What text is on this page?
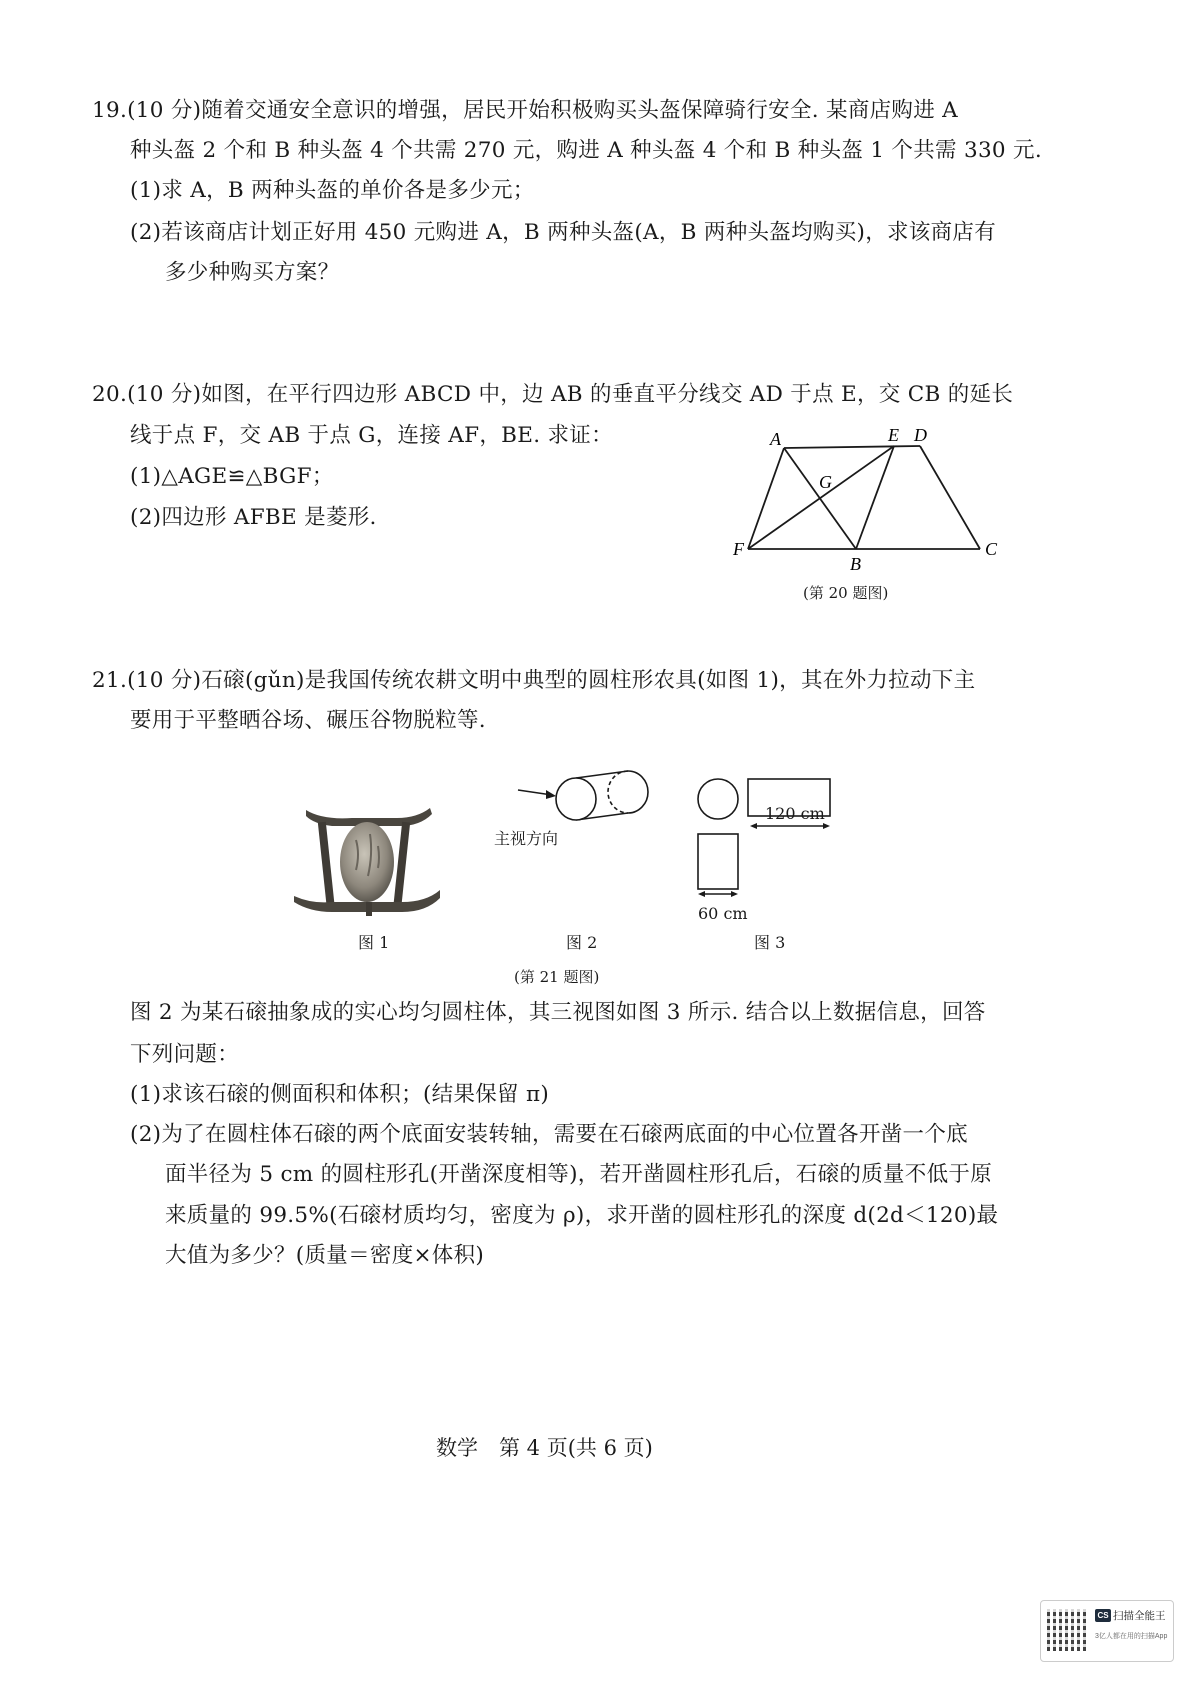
19.(10 分)随着交通安全意识的增强，居民开始积极购买头盔保障骑行安全. 某商店购进 A
种头盔 2 个和 B 种头盔 4 个共需 270 元，购进 A 种头盔 4 个和 B 种头盔 1 个共需 330 元.
(1)求 A，B 两种头盔的单价各是多少元；
(2)若该商店计划正好用 450 元购进 A，B 两种头盔(A，B 两种头盔均购买)，求该商店有
多少种购买方案？
20.(10 分)如图，在平行四边形 ABCD 中，边 AB 的垂直平分线交 AD 于点 E，交 CB 的延长
线于点 F，交 AB 于点 G，连接 AF，BE. 求证：
(1)△AGE≌△BGF；
(2)四边形 AFBE 是菱形.
A	E D
G
F
B
C
(第 20 题图)
21.(10 分)石磙(gǔn)是我国传统农耕文明中典型的圆柱形农具(如图 1)，其在外力拉动下主
要用于平整晒谷场、碾压谷物脱粒等.
图 1
主视方向
图 2
120 cm
60 cm
图 3
(第 21 题图)
图 2 为某石磙抽象成的实心均匀圆柱体，其三视图如图 3 所示. 结合以上数据信息，回答
下列问题：
(1)求该石磙的侧面积和体积；(结果保留 π)
(2)为了在圆柱体石磙的两个底面安装转轴，需要在石磙两底面的中心位置各开凿一个底
面半径为 5 cm 的圆柱形孔(开凿深度相等)，若开凿圆柱形孔后，石磙的质量不低于原
来质量的 99.5%(石磙材质均匀，密度为 ρ)，求开凿的圆柱形孔的深度 d(2d＜120)最
大值为多少？(质量＝密度×体积)
数学　第 4 页(共 6 页)
CS 扫描全能王
3亿人都在用的扫描App
